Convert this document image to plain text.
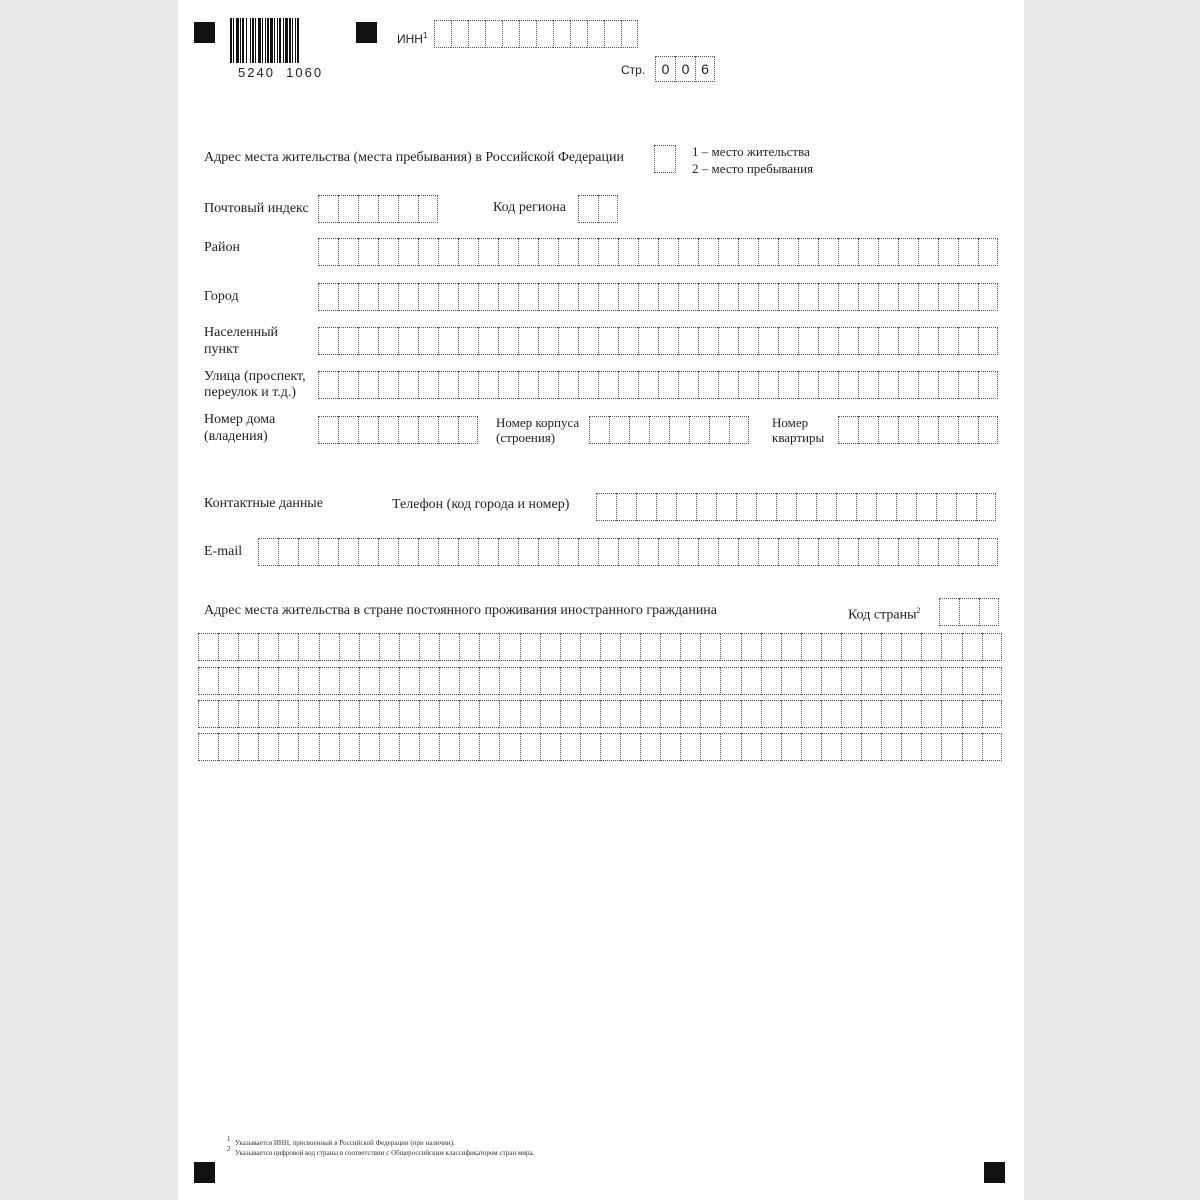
5240  1060
ИНН$^1$
Стр.	0 0 6
Адрес места жительства (места пребывания) в Российской Федерации	1 – место жительства
2 – место пребывания
Почтовый индекс	Код региона
Район
Город
Населенный
пункт
Улица (проспект,
переулок и т.д.)
Номер дома
(владения)
Номер корпуса
(строения)
Номер
квартиры
Контактные данные	Телефон (код города и номер)
E-mail
Адрес места жительства в стране постоянного проживания иностранного гражданина	Код страны$^2$
1 Указывается ИНН, присвоенный в Российской Федерации (при наличии).
2 Указывается цифровой код страны в соответствии с Общероссийским классификатором стран мира.
